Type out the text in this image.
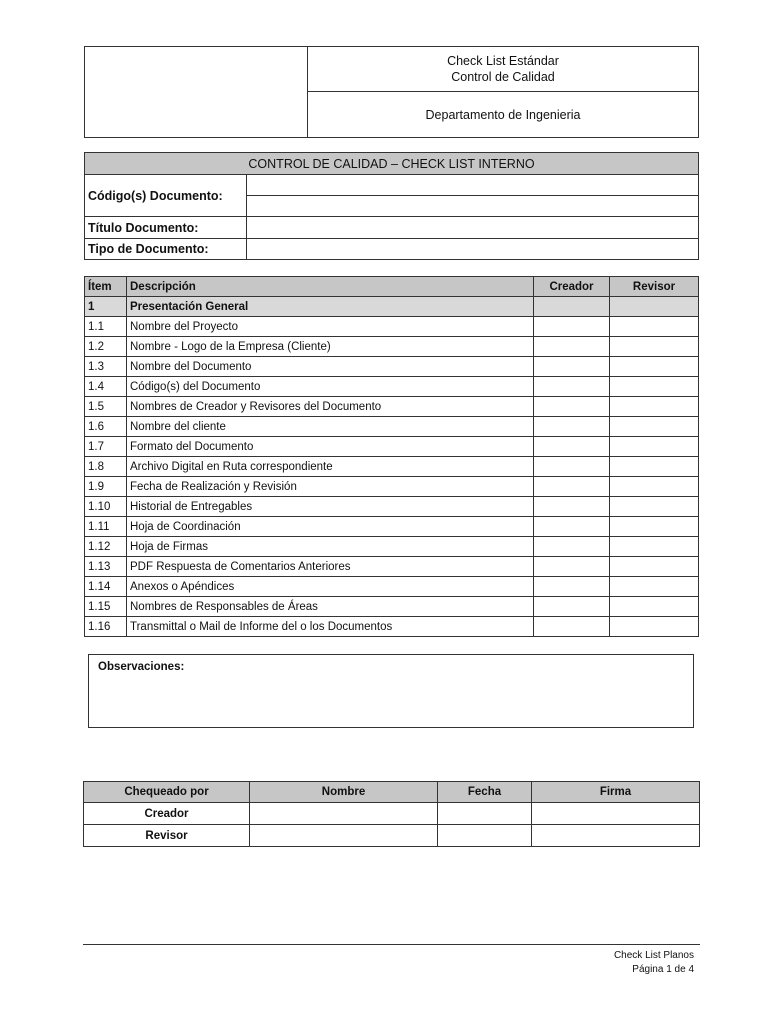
Check List Estándar
Control de Calidad

Departamento de Ingenieria
CONTROL DE CALIDAD – CHECK LIST INTERNO	
Código(s) Documento:	

Título Documento:	
Tipo de Documento:	
Ítem	Descripción	Creador	Revisor
1	Presentación General		
1.1	Nombre del Proyecto		
1.2	Nombre - Logo de la Empresa (Cliente)		
1.3	Nombre del Documento		
1.4	Código(s) del Documento		
1.5	Nombres de Creador y Revisores del Documento		
1.6	Nombre del cliente		
1.7	Formato del Documento		
1.8	Archivo Digital en Ruta correspondiente		
1.9	Fecha de Realización y Revisión		
1.10	Historial de Entregables		
1.11	Hoja de Coordinación		
1.12	Hoja de Firmas		
1.13	PDF Respuesta de Comentarios Anteriores		
1.14	Anexos o Apéndices		
1.15	Nombres de Responsables de Áreas		
1.16	Transmittal o Mail de Informe del o los Documentos		
Observaciones:
Chequeado por	Nombre	Fecha	Firma
Creador			
Revisor			
Check List Planos
Página 1 de 4
